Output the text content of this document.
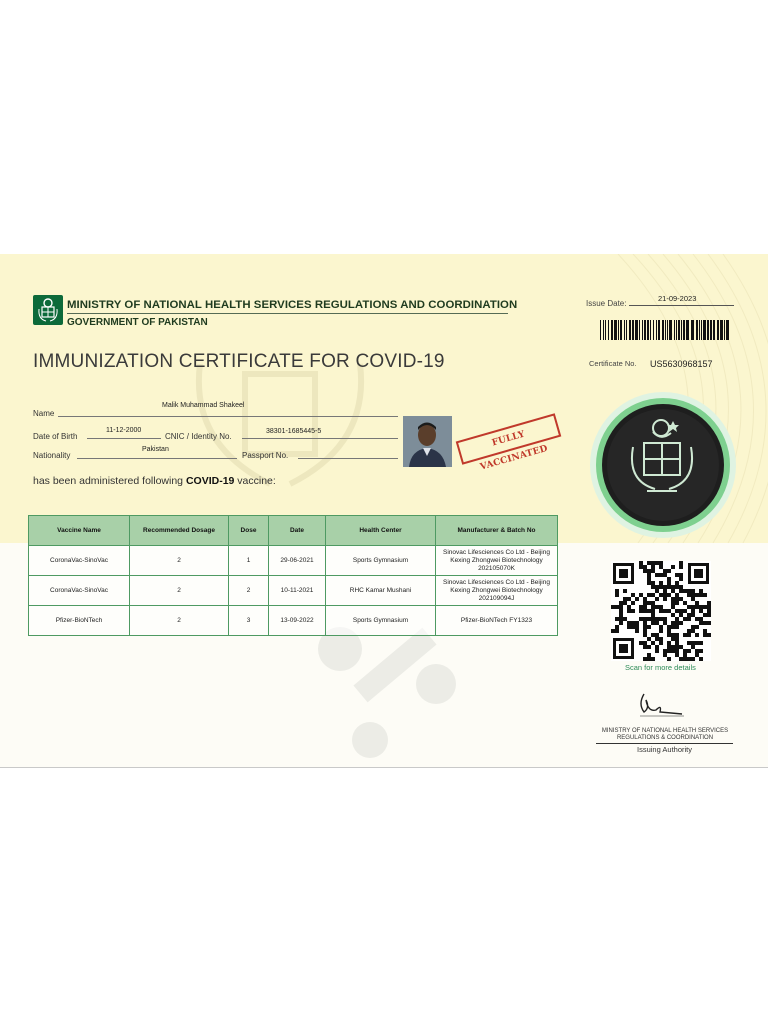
MINISTRY OF NATIONAL HEALTH SERVICES REGULATIONS AND COORDINATION
GOVERNMENT OF PAKISTAN
IMMUNIZATION CERTIFICATE FOR COVID-19
Name
Malik Muhammad Shakeel
Date of Birth
11-12-2000
CNIC / Identity No.
38301-1685445-5
Nationality
Pakistan
Passport No.
FULLY VACCINATED
has been administered following COVID-19 vaccine:
Vaccine Name	Recommended Dosage	Dose	Date	Health Center	Manufacturer & Batch No
CoronaVac-SinoVac	2	1	29-06-2021	Sports Gymnasium	Sinovac Lifesciences Co Ltd - Beijing Kexing Zhongwei Biotechnology 202105070K
CoronaVac-SinoVac	2	2	10-11-2021	RHC Kamar Mushani	Sinovac Lifesciences Co Ltd - Beijing Kexing Zhongwei Biotechnology 202109094J
Pfizer-BioNTech	2	3	13-09-2022	Sports Gymnasium	Pfizer-BioNTech FY1323
Issue Date:
21-09-2023
Certificate No. US5630968157
Scan for more details
MINISTRY OF NATIONAL HEALTH SERVICES REGULATIONS & COORDINATION
Issuing Authority
